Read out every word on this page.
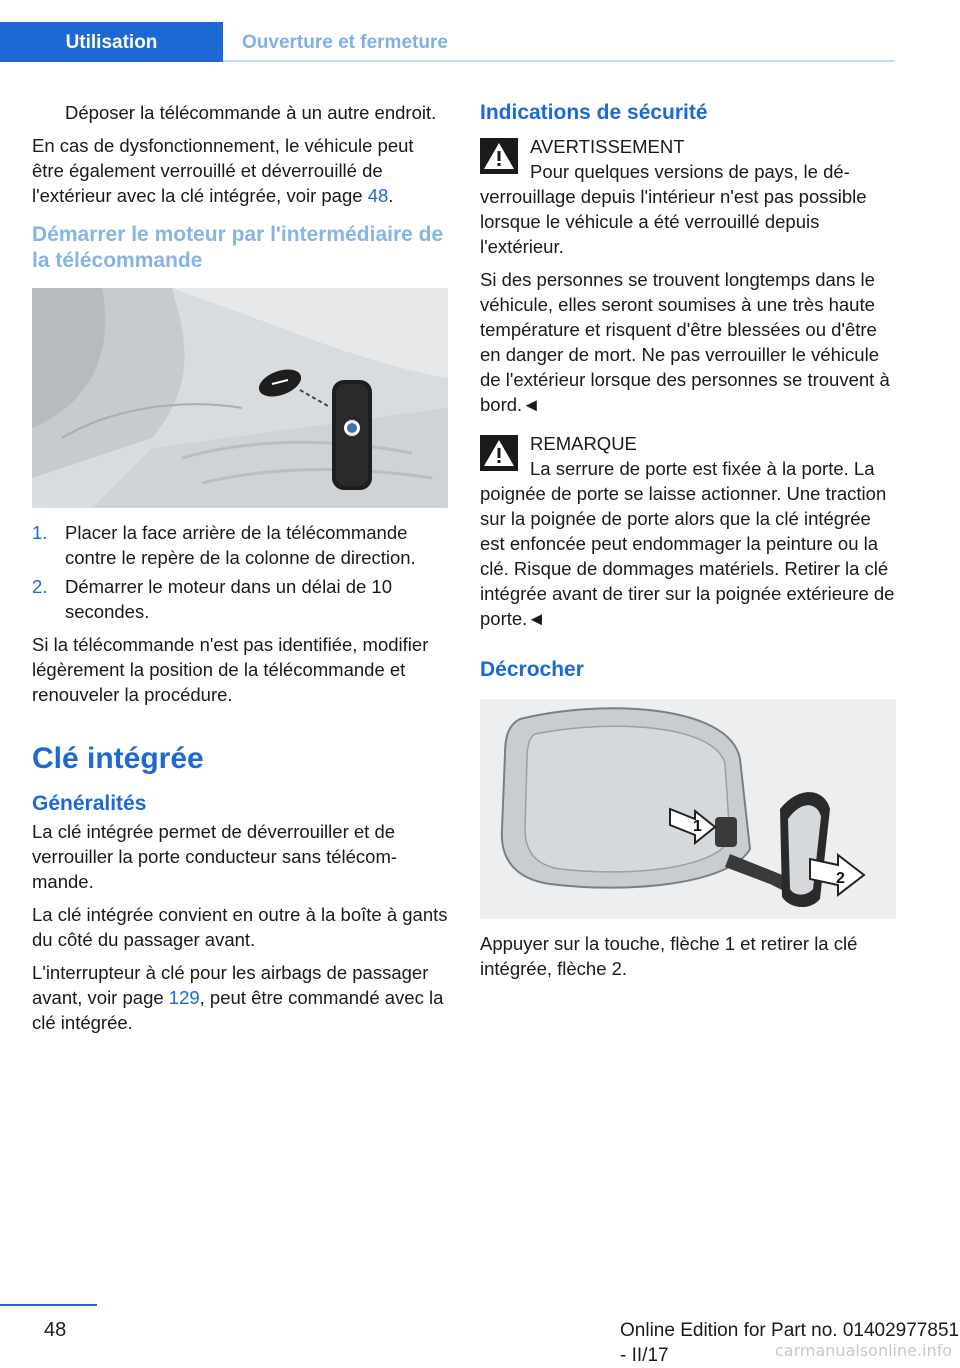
Utilisation	Ouverture et fermeture

Déposer la télécommande à un autre endroit.

En cas de dysfonctionnement, le véhicule peut être également verrouillé et déverrouillé de l'extérieur avec la clé intégrée, voir page 48.

Démarrer le moteur par l'intermédiaire de la télécommande
1. Placer la face arrière de la télécommande contre le repère de la colonne de direction.
2. Démarrer le moteur dans un délai de 10 secondes.

Si la télécommande n'est pas identifiée, modifier légèrement la position de la télécommande et renouveler la procédure.

Clé intégrée
Généralités

La clé intégrée permet de déverrouiller et de verrouiller la porte conducteur sans télécommande.

La clé intégrée convient en outre à la boîte à gants du côté du passager avant.

L'interrupteur à clé pour les airbags de passager avant, voir page 129, peut être commandé avec la clé intégrée.

Indications de sécurité

AVERTISSEMENT

Pour quelques versions de pays, le déverrouillage depuis l'intérieur n'est pas possible lorsque le véhicule a été verrouillé depuis l'extérieur.

Si des personnes se trouvent longtemps dans le véhicule, elles seront soumises à une très haute température et risquent d'être blessées ou d'être en danger de mort. Ne pas verrouiller le véhicule de l'extérieur lorsque des personnes se trouvent à bord.◄

REMARQUE

La serrure de porte est fixée à la porte. La poignée de porte se laisse actionner. Une traction sur la poignée de porte alors que la clé intégrée est enfoncée peut endommager la peinture ou la clé. Risque de dommages matériels. Retirer la clé intégrée avant de tirer sur la poignée extérieure de porte.◄

Décrocher
1
2

Appuyer sur la touche, flèche 1 et retirer la clé intégrée, flèche 2.

48	Online Edition for Part no. 01402977851 - II/17	carmanualsonline.info
